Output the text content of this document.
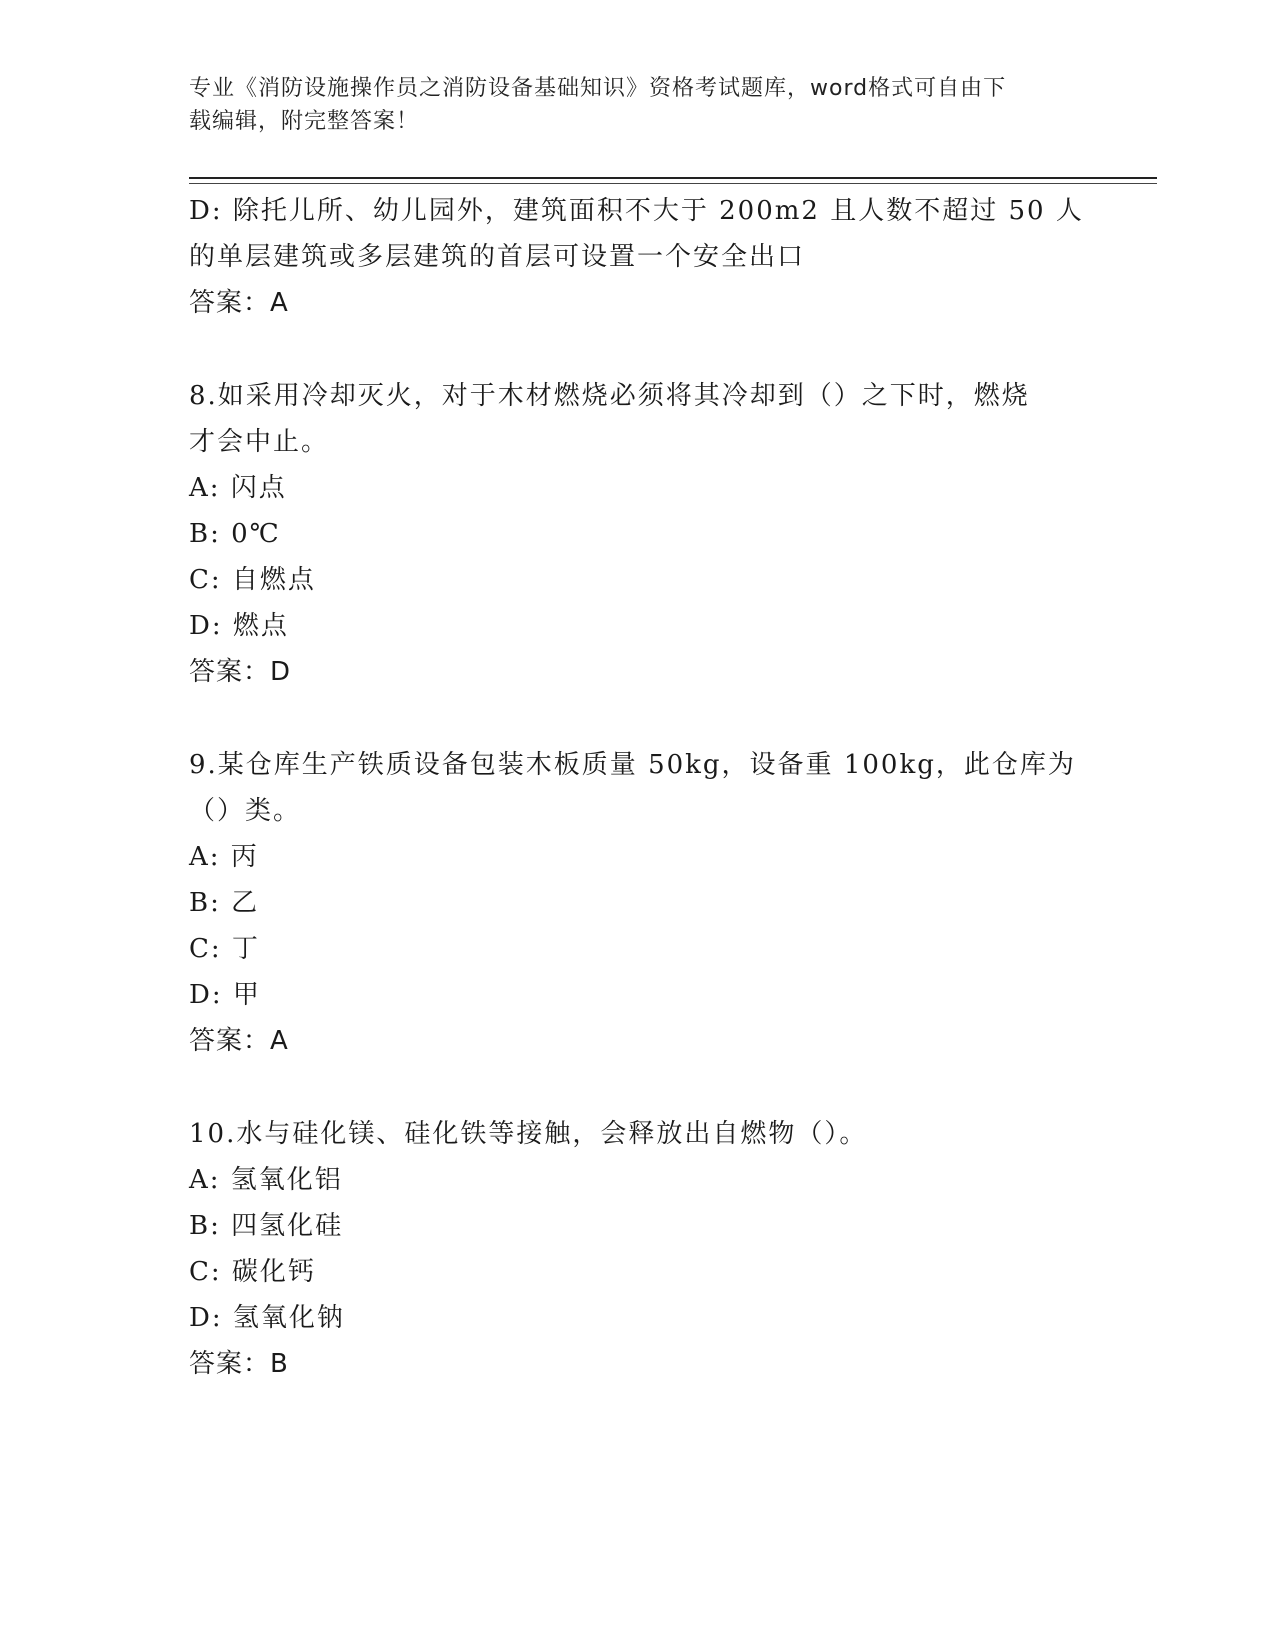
专业《消防设施操作员之消防设备基础知识》资格考试题库，word格式可自由下
载编辑，附完整答案！
D: 除托儿所、幼儿园外，建筑面积不大于 200m2 且人数不超过 50 人
的单层建筑或多层建筑的首层可设置一个安全出口
答案：A
8.如采用冷却灭火，对于木材燃烧必须将其冷却到（）之下时，燃烧
才会中止。
A: 闪点
B: 0℃
C: 自燃点
D: 燃点
答案：D
9.某仓库生产铁质设备包装木板质量 50kg，设备重 100kg，此仓库为
（）类。
A: 丙
B: 乙
C: 丁
D: 甲
答案：A
10.水与硅化镁、硅化铁等接触，会释放出自燃物（）。
A: 氢氧化铝
B: 四氢化硅
C: 碳化钙
D: 氢氧化钠
答案：B
